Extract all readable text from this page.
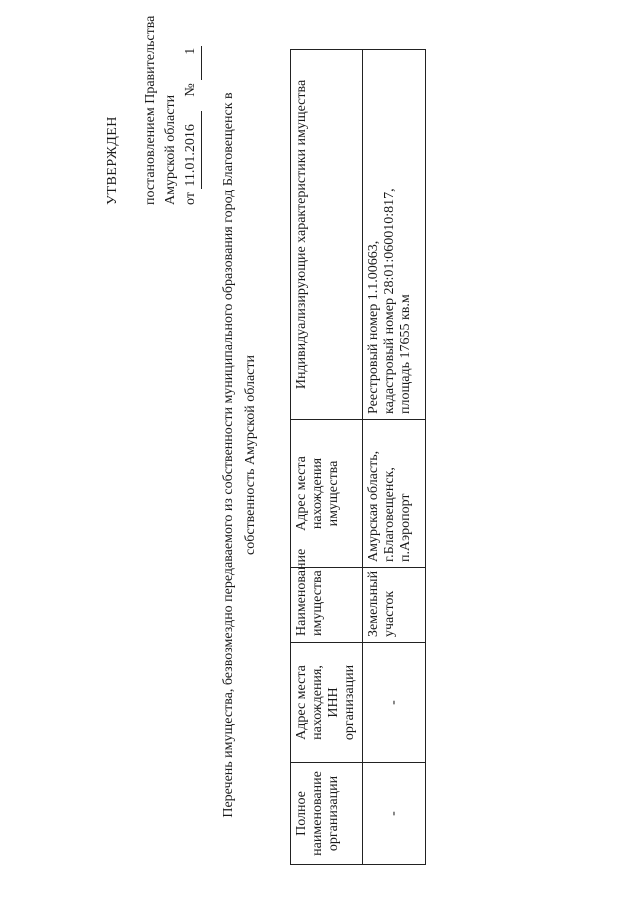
УТВЕРЖДЕН постановлением Правительства Амурской области от 11.01.2016    № 1
Перечень имущества, безвозмездно передаваемого из собственности муниципального образования город Благовещенск в собственность Амурской области
Полное наименование организации	Адрес места нахождения, ИНН организации	Наименование имущества	Адрес места нахождения имущества	Индивидуализирующие характеристики имущества
-	-	Земельный участок	Амурская область, г.Благовещенск, п.Аэропорт	Реестровый номер 1.1.00663, кадастровый номер 28:01:060010:817, площадь 17655 кв.м
